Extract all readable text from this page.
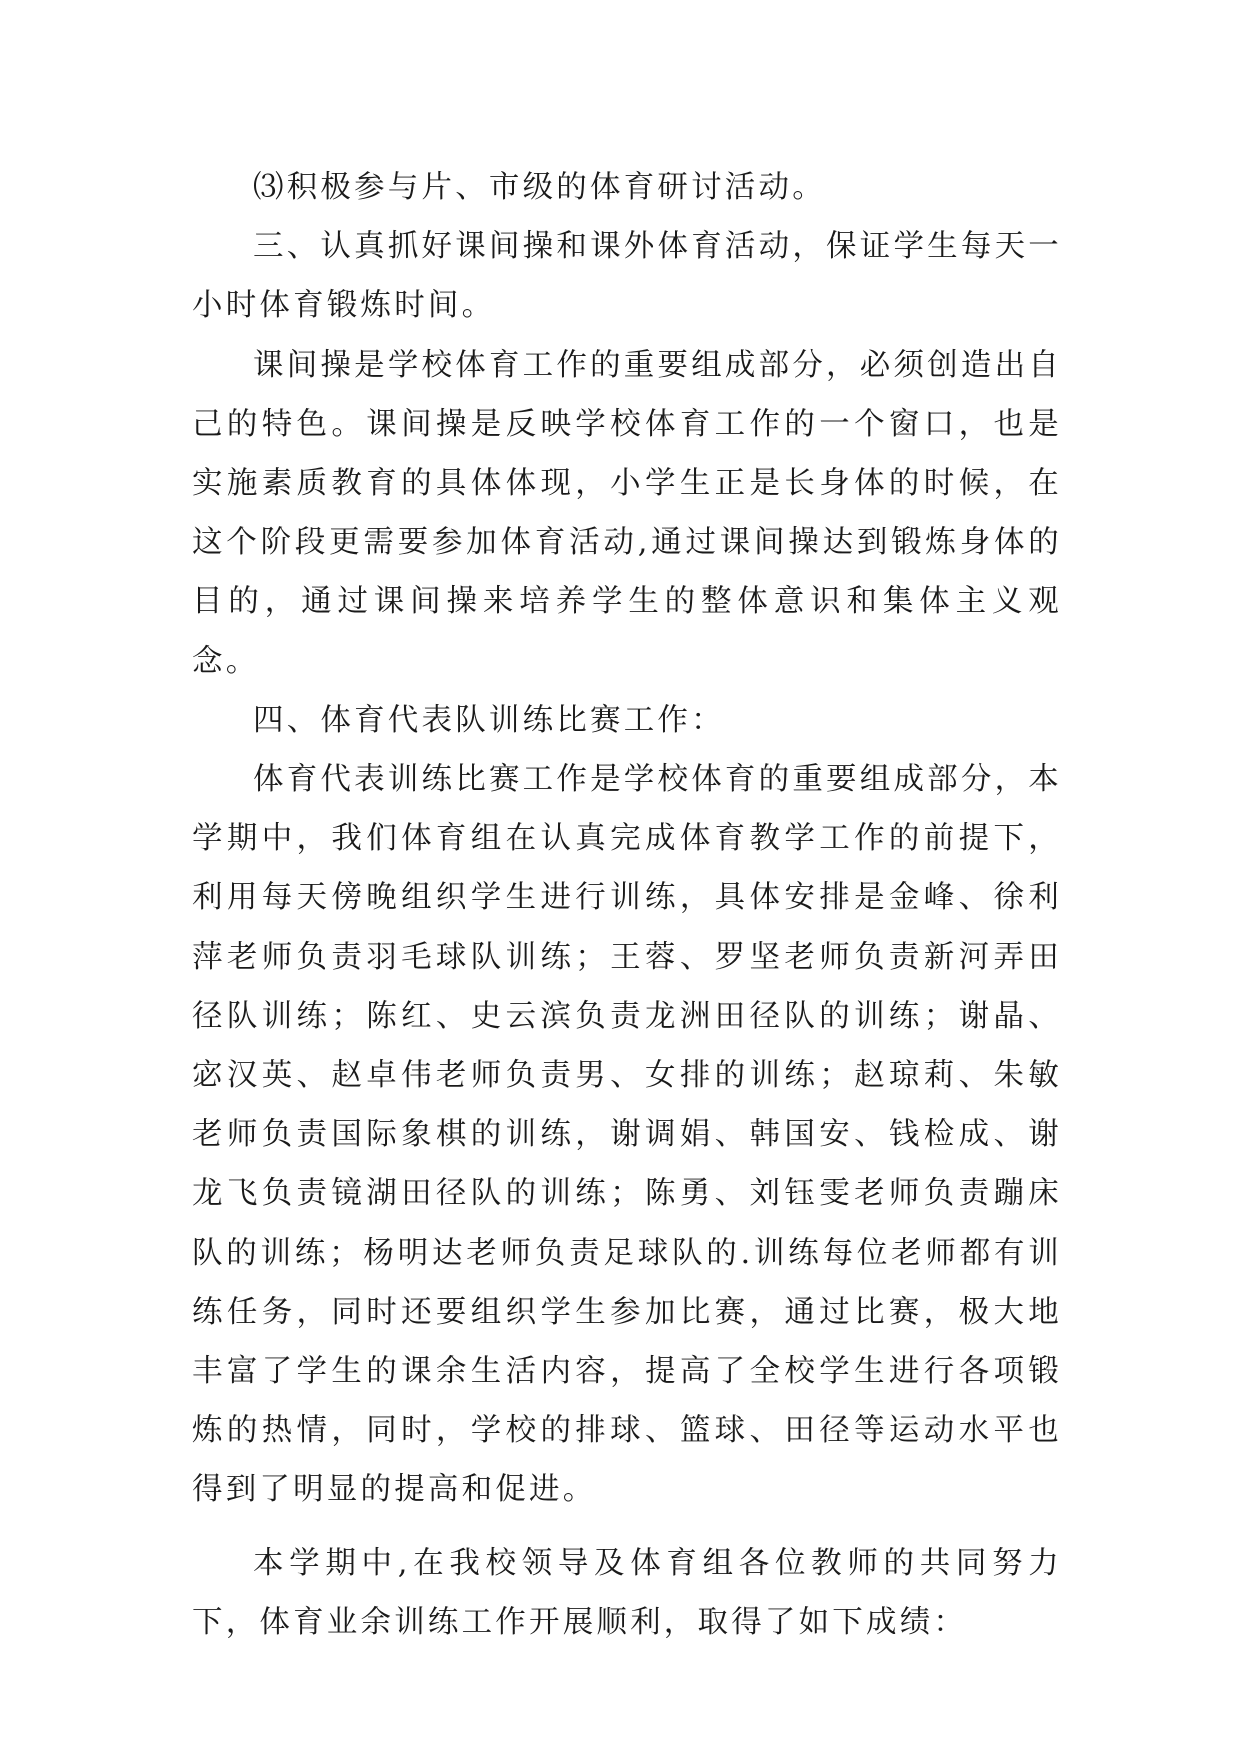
⑶积极参与片、市级的体育研讨活动。

三、认真抓好课间操和课外体育活动，保证学生每天一小时体育锻炼时间。

课间操是学校体育工作的重要组成部分，必须创造出自己的特色。课间操是反映学校体育工作的一个窗口，也是实施素质教育的具体体现，小学生正是长身体的时候，在这个阶段更需要参加体育活动,通过课间操达到锻炼身体的目的，通过课间操来培养学生的整体意识和集体主义观念。

四、体育代表队训练比赛工作：

体育代表训练比赛工作是学校体育的重要组成部分，本学期中，我们体育组在认真完成体育教学工作的前提下，利用每天傍晚组织学生进行训练，具体安排是金峰、徐利萍老师负责羽毛球队训练；王蓉、罗坚老师负责新河弄田径队训练；陈红、史云滨负责龙洲田径队的训练；谢晶、宓汉英、赵卓伟老师负责男、女排的训练；赵琼莉、朱敏老师负责国际象棋的训练，谢调娟、韩国安、钱检成、谢龙飞负责镜湖田径队的训练；陈勇、刘钰雯老师负责蹦床队的训练；杨明达老师负责足球队的.训练每位老师都有训练任务，同时还要组织学生参加比赛，通过比赛，极大地丰富了学生的课余生活内容，提高了全校学生进行各项锻炼的热情，同时，学校的排球、篮球、田径等运动水平也得到了明显的提高和促进。

本学期中,在我校领导及体育组各位教师的共同努力下，体育业余训练工作开展顺利，取得了如下成绩：
